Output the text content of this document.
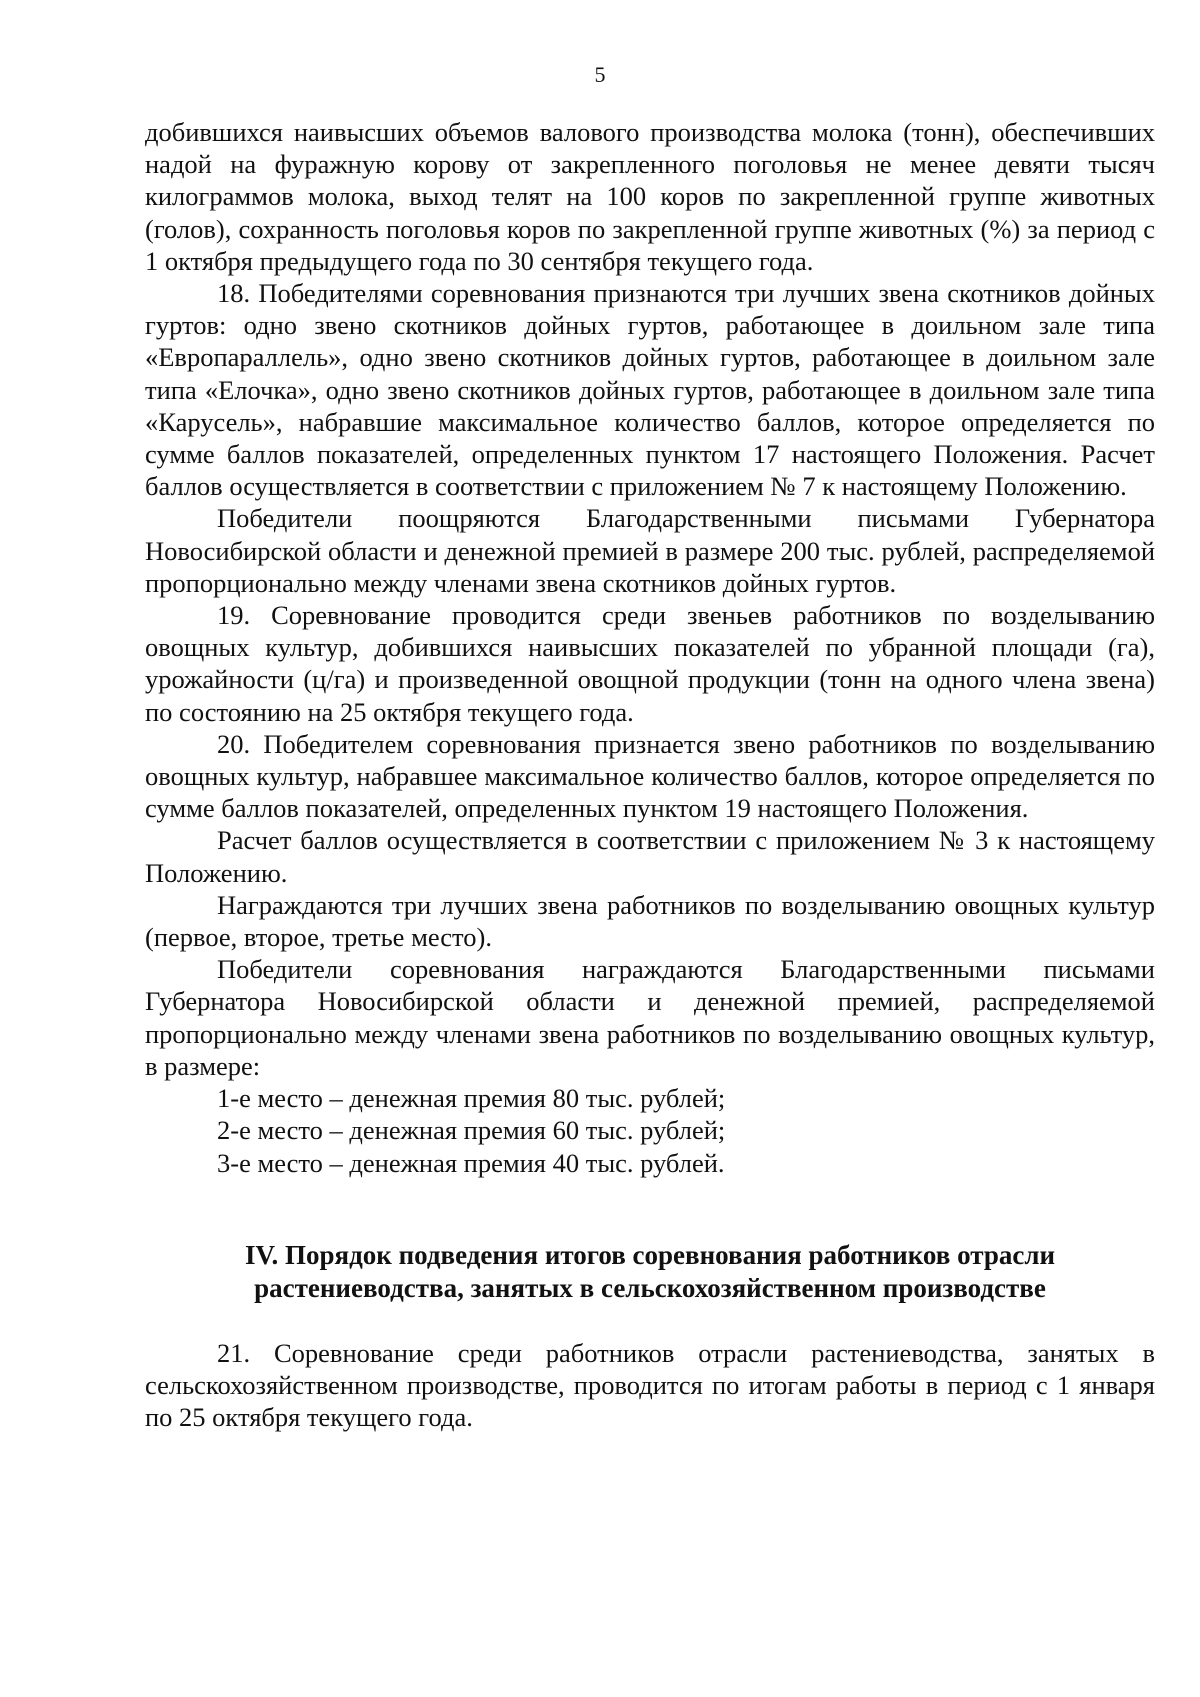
5

добившихся наивысших объемов валового производства молока (тонн), обеспечивших надой на фуражную корову от закрепленного поголовья не менее девяти тысяч килограммов молока, выход телят на 100 коров по закрепленной группе животных (голов), сохранность поголовья коров по закрепленной группе животных (%) за период с 1 октября предыдущего года по 30 сентября текущего года.

18. Победителями соревнования признаются три лучших звена скотников дойных гуртов: одно звено скотников дойных гуртов, работающее в доильном зале типа «Европараллель», одно звено скотников дойных гуртов, работающее в доильном зале типа «Елочка», одно звено скотников дойных гуртов, работающее в доильном зале типа «Карусель», набравшие максимальное количество баллов, которое определяется по сумме баллов показателей, определенных пунктом 17 настоящего Положения. Расчет баллов осуществляется в соответствии с приложением № 7 к настоящему Положению.

Победители поощряются Благодарственными письмами Губернатора Новосибирской области и денежной премией в размере 200 тыс. рублей, распределяемой пропорционально между членами звена скотников дойных гуртов.

19. Соревнование проводится среди звеньев работников по возделыванию овощных культур, добившихся наивысших показателей по убранной площади (га), урожайности (ц/га) и произведенной овощной продукции (тонн на одного члена звена) по состоянию на 25 октября текущего года.

20. Победителем соревнования признается звено работников по возделыванию овощных культур, набравшее максимальное количество баллов, которое определяется по сумме баллов показателей, определенных пунктом 19 настоящего Положения.

Расчет баллов осуществляется в соответствии с приложением № 3 к настоящему Положению.

Награждаются три лучших звена работников по возделыванию овощных культур (первое, второе, третье место).

Победители соревнования награждаются Благодарственными письмами Губернатора Новосибирской области и денежной премией, распределяемой пропорционально между членами звена работников по возделыванию овощных культур, в размере:

1-е место – денежная премия 80 тыс. рублей;

2-е место – денежная премия 60 тыс. рублей;

3-е место – денежная премия 40 тыс. рублей.

IV. Порядок подведения итогов соревнования работников отрасли
растениеводства, занятых в сельскохозяйственном производстве

21. Соревнование среди работников отрасли растениеводства, занятых в сельскохозяйственном производстве, проводится по итогам работы в период с 1 января по 25 октября текущего года.
